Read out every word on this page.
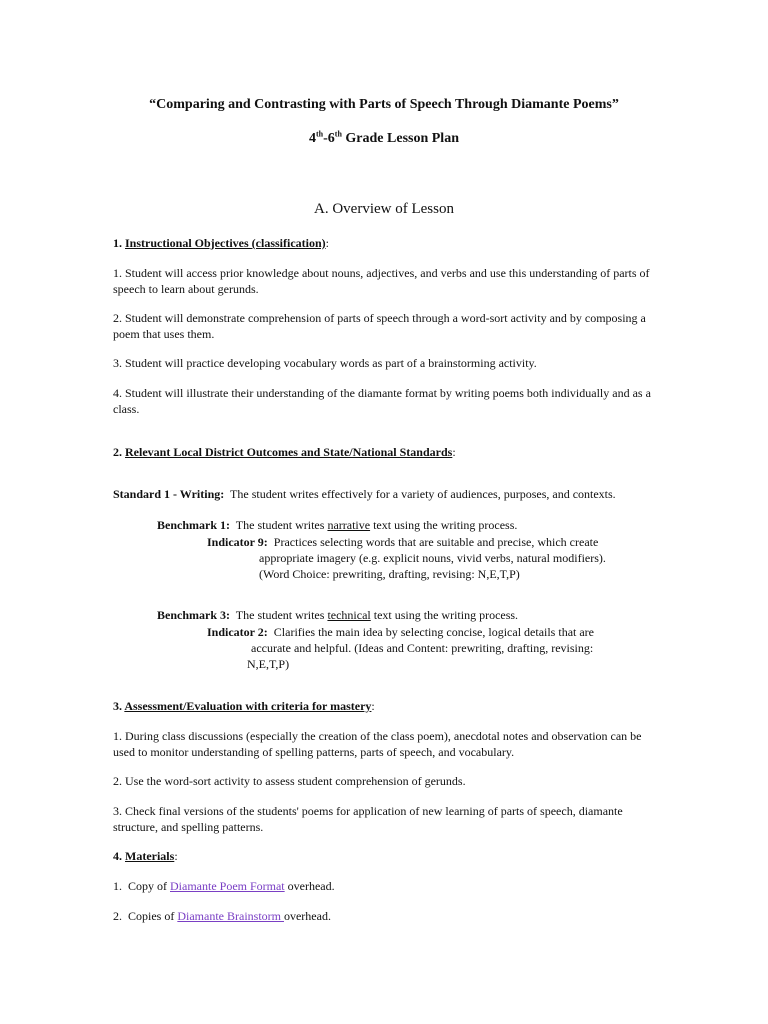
“Comparing and Contrasting with Parts of Speech Through Diamante Poems”

4th-6th Grade Lesson Plan

A. Overview of Lesson

1. Instructional Objectives (classification):

1. Student will access prior knowledge about nouns, adjectives, and verbs and use this understanding of parts of speech to learn about gerunds.

2. Student will demonstrate comprehension of parts of speech through a word-sort activity and by composing a poem that uses them.

3. Student will practice developing vocabulary words as part of a brainstorming activity.

4. Student will illustrate their understanding of the diamante format by writing poems both individually and as a class.

2. Relevant Local District Outcomes and State/National Standards:

Standard 1 - Writing:  The student writes effectively for a variety of audiences, purposes, and contexts.

Benchmark 1:  The student writes narrative text using the writing process.

Indicator 9:  Practices selecting words that are suitable and precise, which create
appropriate imagery (e.g. explicit nouns, vivid verbs, natural modifiers).
(Word Choice: prewriting, drafting, revising: N,E,T,P)

Benchmark 3:  The student writes technical text using the writing process.

Indicator 2:  Clarifies the main idea by selecting concise, logical details that are
accurate and helpful. (Ideas and Content: prewriting, drafting, revising:
N,E,T,P)

3. Assessment/Evaluation with criteria for mastery:

1. During class discussions (especially the creation of the class poem), anecdotal notes and observation can be used to monitor understanding of spelling patterns, parts of speech, and vocabulary.

2. Use the word-sort activity to assess student comprehension of gerunds.

3. Check final versions of the students' poems for application of new learning of parts of speech, diamante structure, and spelling patterns.

4. Materials:

1.  Copy of Diamante Poem Format overhead.

2.  Copies of Diamante Brainstorm overhead.
